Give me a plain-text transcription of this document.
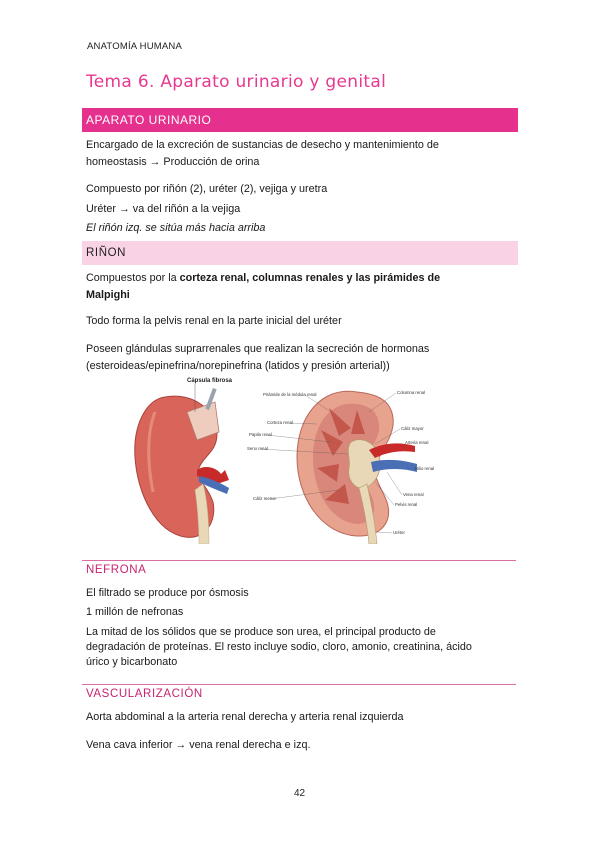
ANATOMÍA HUMANA
Tema 6. Aparato urinario y genital
APARATO URINARIO
Encargado de la excreción de sustancias de desecho y mantenimiento de
homeostasis → Producción de orina
Compuesto por riñón (2), uréter (2), vejiga y uretra
Uréter → va del riñón a la vejiga
El riñón izq. se sitúa más hacia arriba
RIÑON
Compuestos por la corteza renal, columnas renales y las pirámides de
Malpighi
Todo forma la pelvis renal en la parte inicial del uréter
Poseen glándulas suprarrenales que realizan la secreción de hormonas
(esteroideas/epinefrina/norepinefrina (latidos y presión arterial))
Cápsula fibrosa
Pirámide de la médula renal	Columna renal
Corteza renal
Cáliz mayor
Papila renal
Arteria renal
Seno renal
Hilio renal
Vena renal
Pelvis renal
Cáliz menor
Uréter
NEFRONA
El filtrado se produce por ósmosis
1 millón de nefronas
La mitad de los sólidos que se produce son urea, el principal producto de
degradación de proteínas. El resto incluye sodio, cloro, amonio, creatinina, ácido
úrico y bicarbonato
VASCULARIZACIÓN
Aorta abdominal a la arteria renal derecha y arteria renal izquierda
Vena cava inferior → vena renal derecha e izq.
42
